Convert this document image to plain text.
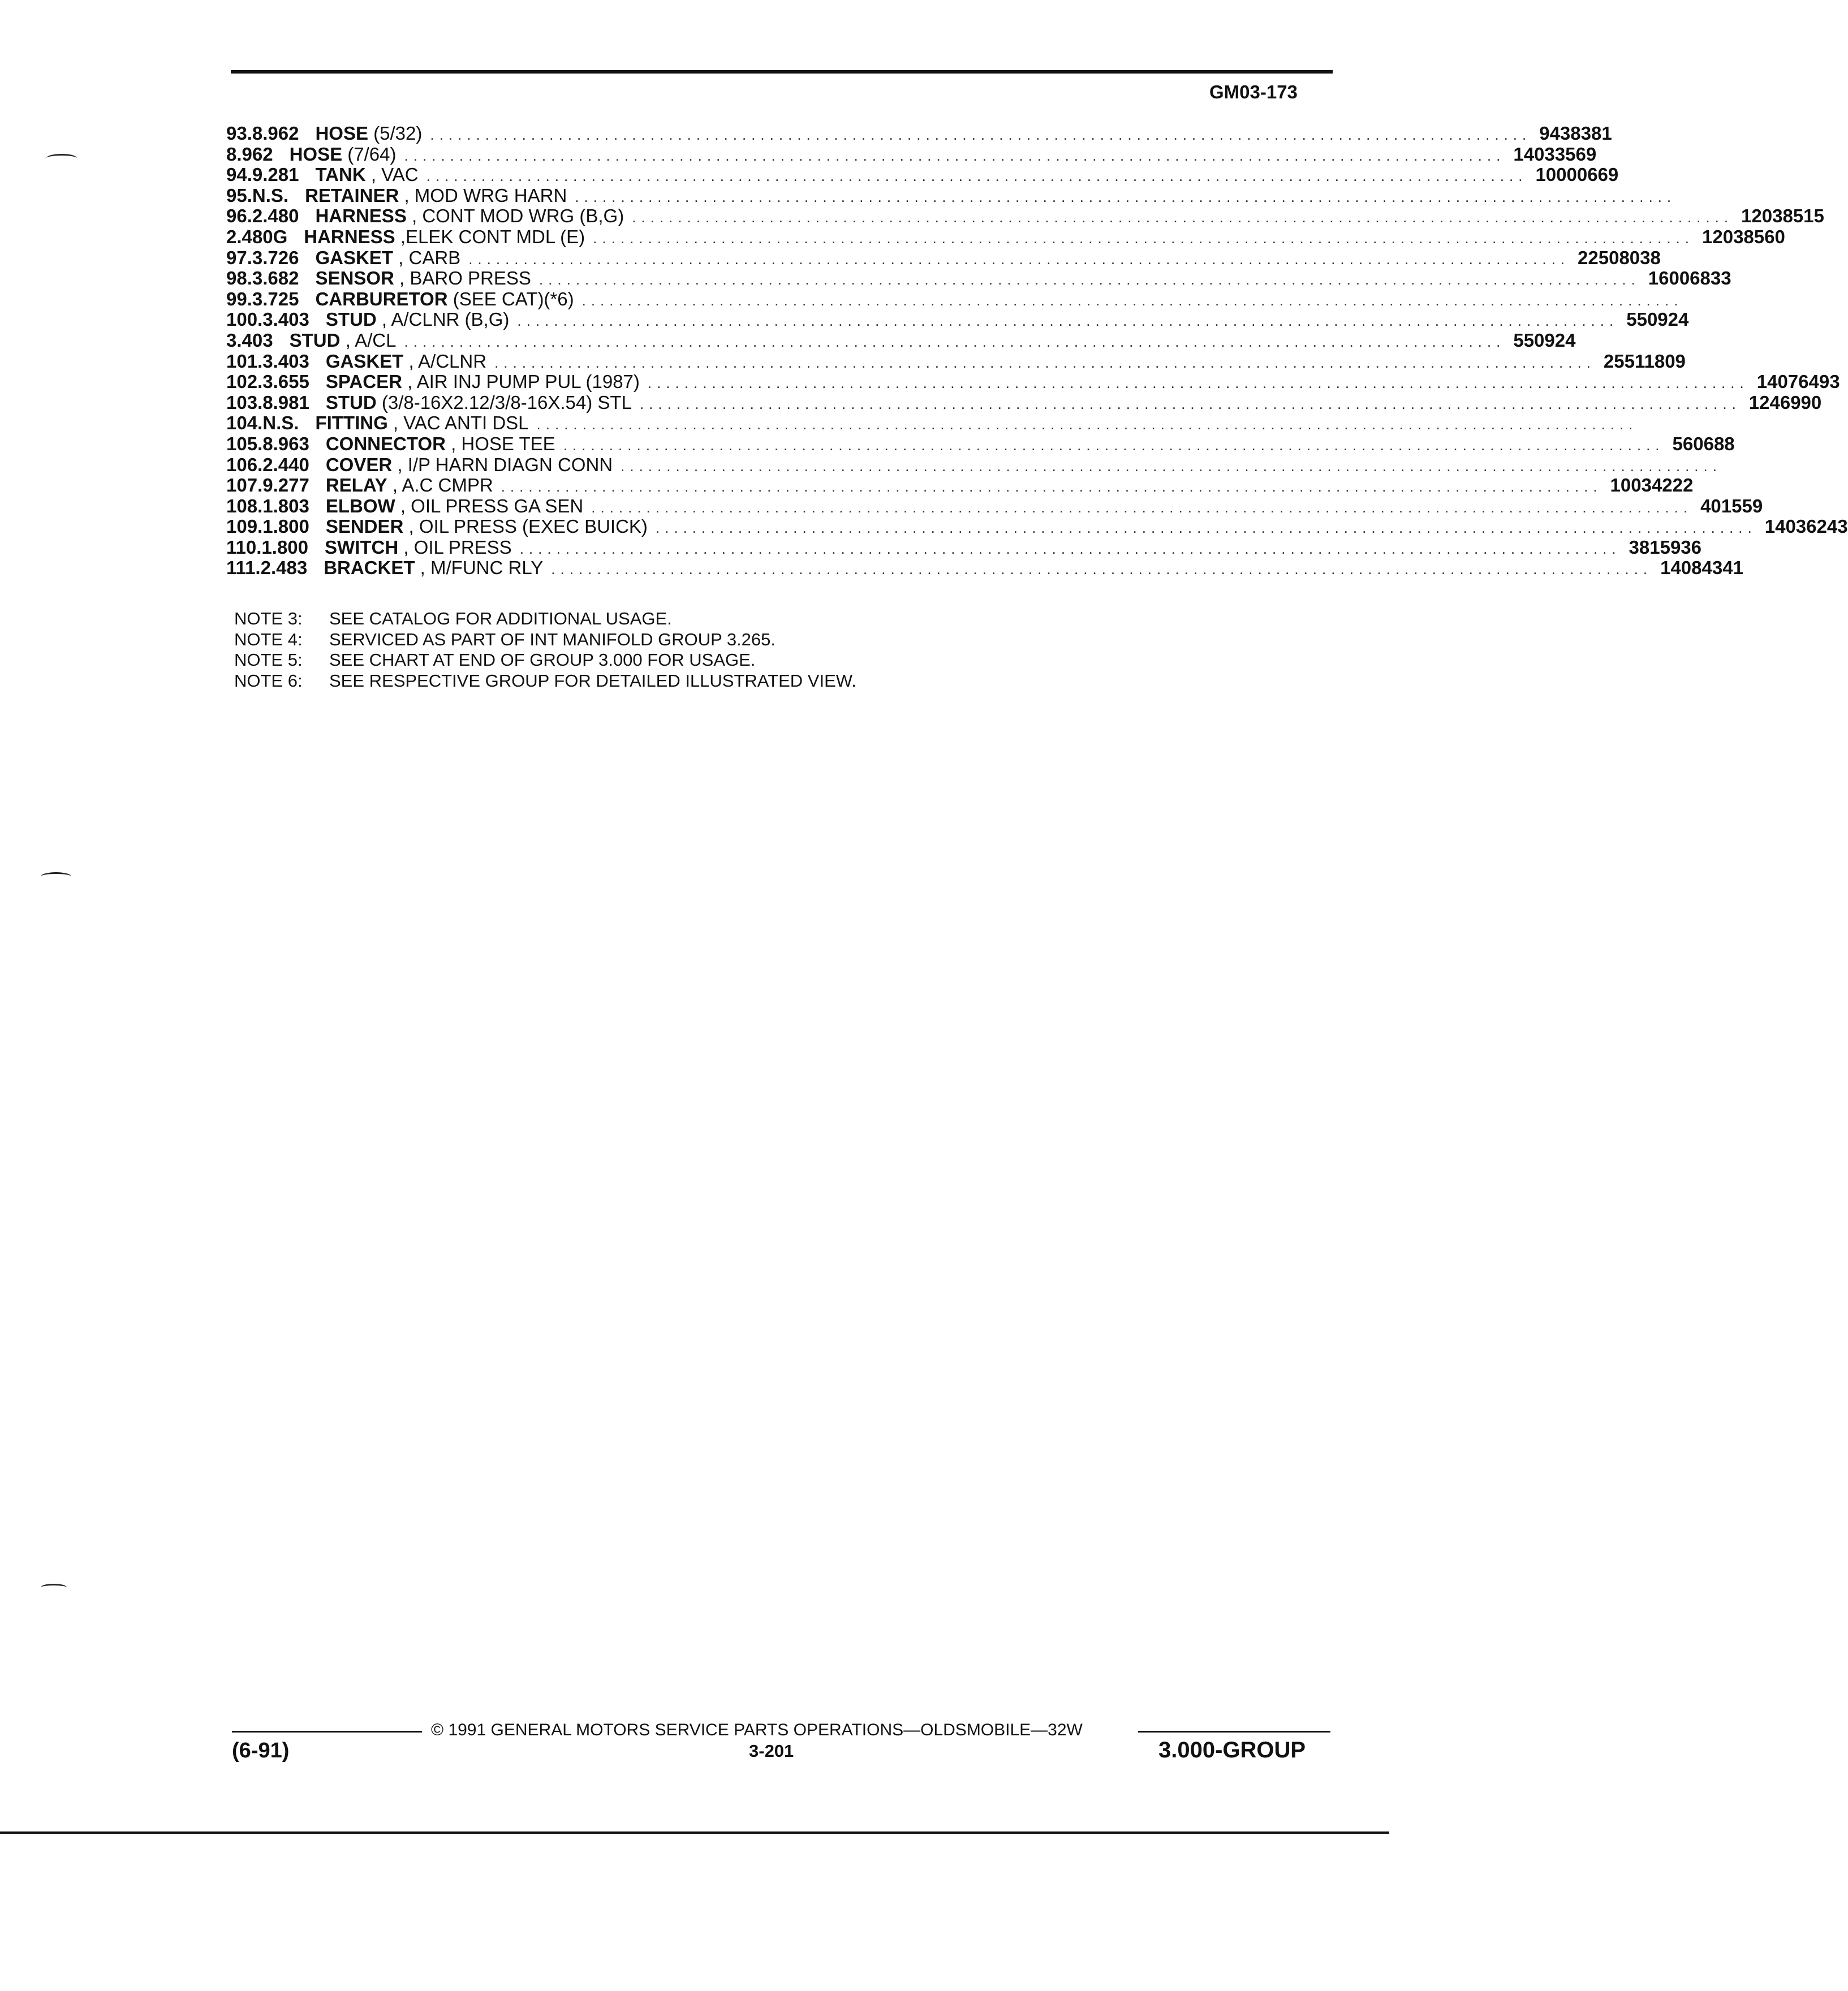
GM03-173
93. 8.962 HOSE (5/32) ........................................................................................................................ 9438381
8.962 HOSE (7/64) ........................................................................................................................ 14033569
94. 9.281 TANK , VAC ........................................................................................................................ 10000669
95. N.S. RETAINER , MOD WRG HARN ........................................................................................................................
96. 2.480 HARNESS , CONT MOD WRG (B,G) ........................................................................................................................ 12038515
2.480G HARNESS ,ELEK CONT MDL (E) ........................................................................................................................ 12038560
97. 3.726 GASKET , CARB ........................................................................................................................ 22508038
98. 3.682 SENSOR , BARO PRESS ........................................................................................................................ 16006833
99. 3.725 CARBURETOR (SEE CAT)(*6) ........................................................................................................................
100. 3.403 STUD , A/CLNR (B,G) ........................................................................................................................ 550924
3.403 STUD , A/CL ........................................................................................................................ 550924
101. 3.403 GASKET , A/CLNR ........................................................................................................................ 25511809
102. 3.655 SPACER , AIR INJ PUMP PUL (1987) ........................................................................................................................ 14076493
103. 8.981 STUD (3/8-16X2.12/3/8-16X.54) STL ........................................................................................................................ 1246990
104. N.S. FITTING , VAC ANTI DSL ........................................................................................................................
105. 8.963 CONNECTOR , HOSE TEE ........................................................................................................................ 560688
106. 2.440 COVER , I/P HARN DIAGN CONN ........................................................................................................................
107. 9.277 RELAY , A.C CMPR ........................................................................................................................ 10034222
108. 1.803 ELBOW , OIL PRESS GA SEN ........................................................................................................................ 401559
109. 1.800 SENDER , OIL PRESS (EXEC BUICK) ........................................................................................................................ 14036243
110. 1.800 SWITCH , OIL PRESS ........................................................................................................................ 3815936
111. 2.483 BRACKET , M/FUNC RLY ........................................................................................................................ 14084341
NOTE 3: SEE CATALOG FOR ADDITIONAL USAGE.
NOTE 4: SERVICED AS PART OF INT MANIFOLD GROUP 3.265.
NOTE 5: SEE CHART AT END OF GROUP 3.000 FOR USAGE.
NOTE 6: SEE RESPECTIVE GROUP FOR DETAILED ILLUSTRATED VIEW.
© 1991 GENERAL MOTORS SERVICE PARTS OPERATIONS—OLDSMOBILE—32W
(6-91)	3-201	3.000-GROUP
